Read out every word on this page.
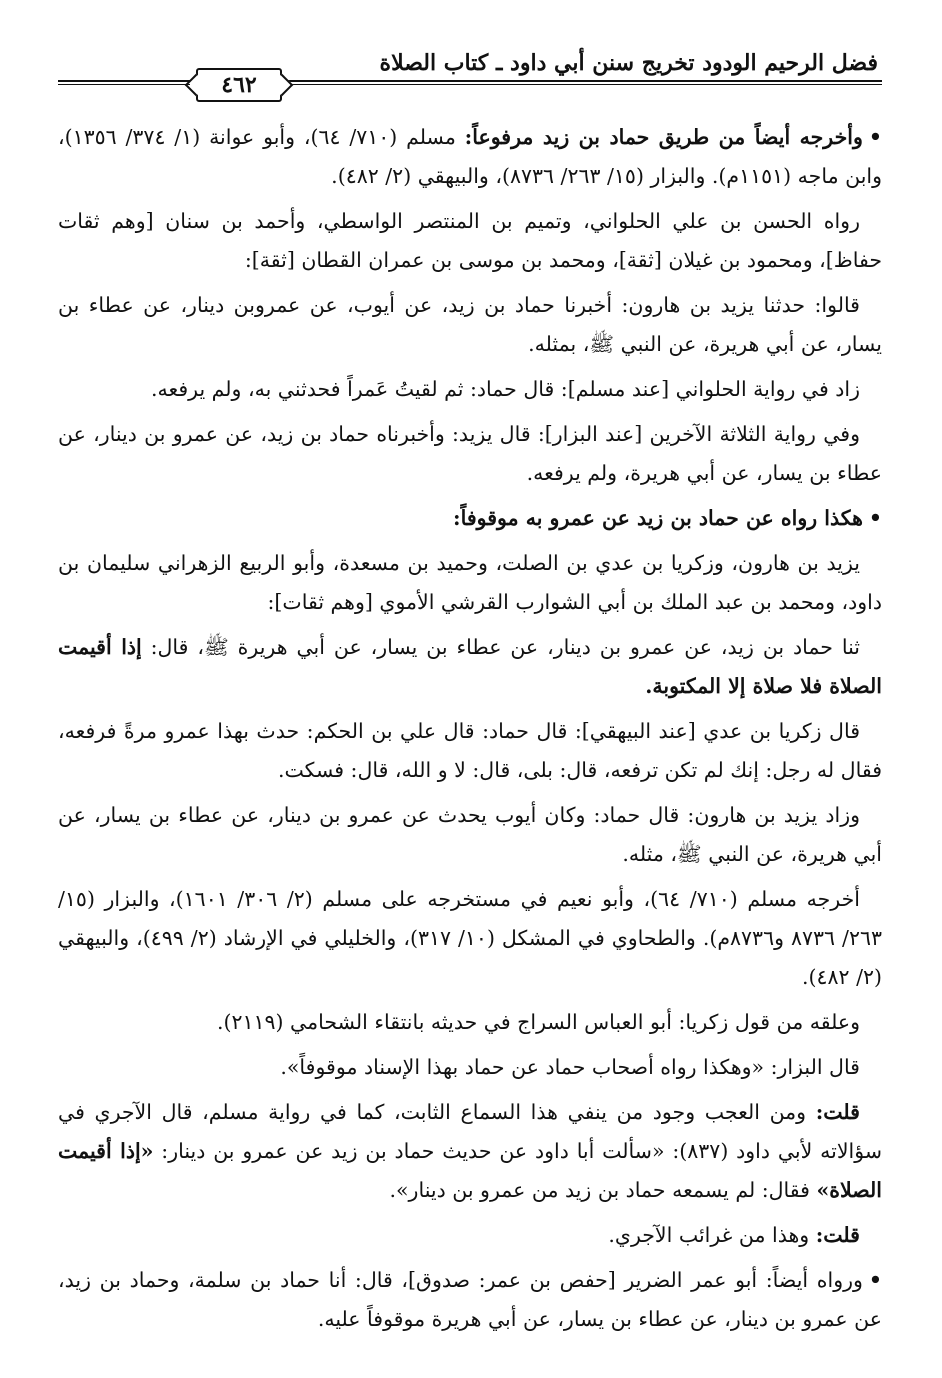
فضل الرحيم الودود تخريج سنن أبي داود ـ كتاب الصلاة
٤٦٢

•وأخرجه أيضاً من طريق حماد بن زيد مرفوعاً: مسلم (٧١٠/ ٦٤)، وأبو عوانة (١/ ٣٧٤/ ١٣٥٦)، وابن ماجه (١١٥١م). والبزار (١٥/ ٢٦٣/ ٨٧٣٦)، والبيهقي (٢/ ٤٨٢).

رواه الحسن بن علي الحلواني، وتميم بن المنتصر الواسطي، وأحمد بن سنان [وهم ثقات حفاظ]، ومحمود بن غيلان [ثقة]، ومحمد بن موسى بن عمران القطان [ثقة]:

قالوا: حدثنا يزيد بن هارون: أخبرنا حماد بن زيد، عن أيوب، عن عمروبن دينار، عن عطاء بن يسار، عن أبي هريرة، عن النبي ﷺ، بمثله.

زاد في رواية الحلواني [عند مسلم]: قال حماد: ثم لقيتُ عَمراً فحدثني به، ولم يرفعه.

وفي رواية الثلاثة الآخرين [عند البزار]: قال يزيد: وأخبرناه حماد بن زيد، عن عمرو بن دينار، عن عطاء بن يسار، عن أبي هريرة، ولم يرفعه.

•هكذا رواه عن حماد بن زيد عن عمرو به موقوفاً:

يزيد بن هارون، وزكريا بن عدي بن الصلت، وحميد بن مسعدة، وأبو الربيع الزهراني سليمان بن داود، ومحمد بن عبد الملك بن أبي الشوارب القرشي الأموي [وهم ثقات]:

ثنا حماد بن زيد، عن عمرو بن دينار، عن عطاء بن يسار، عن أبي هريرة ﷺ، قال: إذا أقيمت الصلاة فلا صلاة إلا المكتوبة.

قال زكريا بن عدي [عند البيهقي]: قال حماد: قال علي بن الحكم: حدث بهذا عمرو مرةً فرفعه، فقال له رجل: إنك لم تكن ترفعه، قال: بلى، قال: لا و الله، قال: فسكت.

وزاد يزيد بن هارون: قال حماد: وكان أيوب يحدث عن عمرو بن دينار، عن عطاء بن يسار، عن أبي هريرة، عن النبي ﷺ، مثله.

أخرجه مسلم (٧١٠/ ٦٤)، وأبو نعيم في مستخرجه على مسلم (٢/ ٣٠٦/ ١٦٠١)، والبزار (١٥/ ٢٦٣/ ٨٧٣٦ و٨٧٣٦م). والطحاوي في المشكل (١٠/ ٣١٧)، والخليلي في الإرشاد (٢/ ٤٩٩)، والبيهقي (٢/ ٤٨٢).

وعلقه من قول زكريا: أبو العباس السراج في حديثه بانتقاء الشحامي (٢١١٩).

قال البزار: «وهكذا رواه أصحاب حماد عن حماد بهذا الإسناد موقوفاً».

قلت: ومن العجب وجود من ينفي هذا السماع الثابت، كما في رواية مسلم، قال الآجري في سؤالاته لأبي داود (٨٣٧): «سألت أبا داود عن حديث حماد بن زيد عن عمرو بن دينار: «إذا أقيمت الصلاة» فقال: لم يسمعه حماد بن زيد من عمرو بن دينار».

قلت: وهذا من غرائب الآجري.

•ورواه أيضاً: أبو عمر الضرير [حفص بن عمر: صدوق]، قال: أنا حماد بن سلمة، وحماد بن زيد، عن عمرو بن دينار، عن عطاء بن يسار، عن أبي هريرة موقوفاً عليه.
